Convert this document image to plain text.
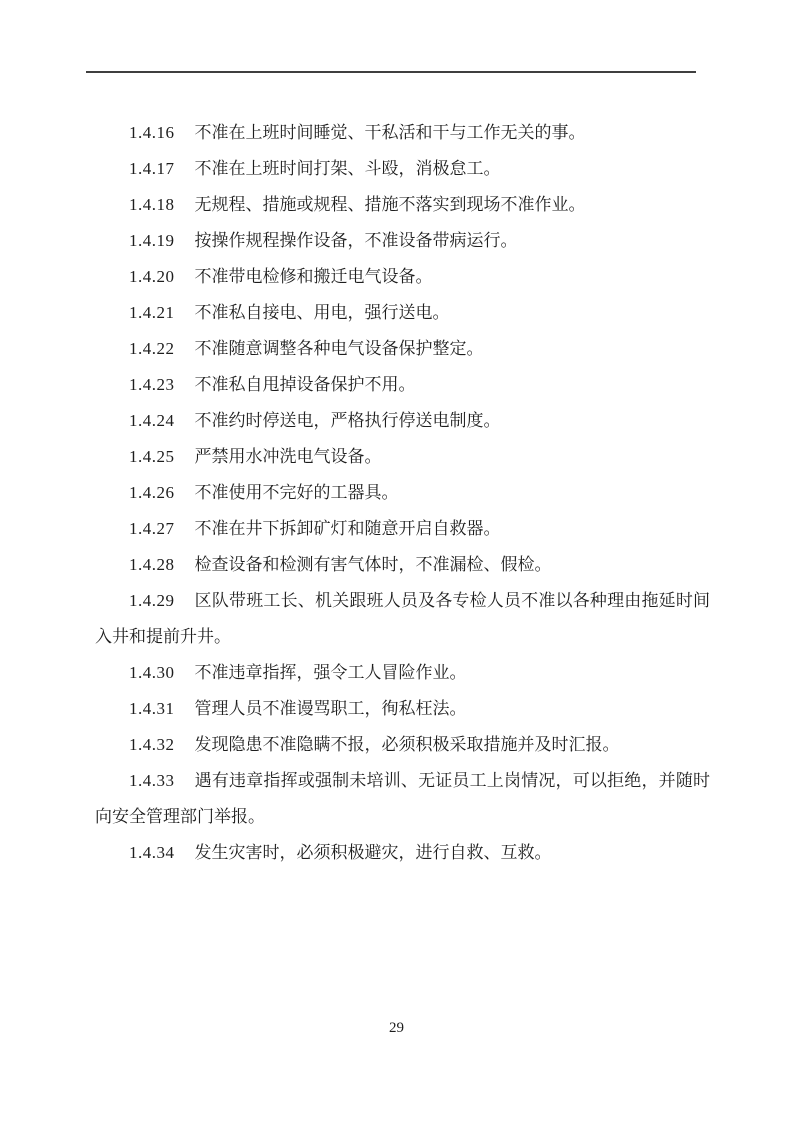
1.4.16 不准在上班时间睡觉、干私活和干与工作无关的事。

1.4.17 不准在上班时间打架、斗殴，消极怠工。

1.4.18 无规程、措施或规程、措施不落实到现场不准作业。

1.4.19 按操作规程操作设备，不准设备带病运行。

1.4.20 不准带电检修和搬迁电气设备。

1.4.21 不准私自接电、用电，强行送电。

1.4.22 不准随意调整各种电气设备保护整定。

1.4.23 不准私自甩掉设备保护不用。

1.4.24 不准约时停送电，严格执行停送电制度。

1.4.25 严禁用水冲洗电气设备。

1.4.26 不准使用不完好的工器具。

1.4.27 不准在井下拆卸矿灯和随意开启自救器。

1.4.28 检查设备和检测有害气体时，不准漏检、假检。

1.4.29 区队带班工长、机关跟班人员及各专检人员不准以各种理由拖延时间入井和提前升井。

1.4.30 不准违章指挥，强令工人冒险作业。

1.4.31 管理人员不准谩骂职工，徇私枉法。

1.4.32 发现隐患不准隐瞒不报，必须积极采取措施并及时汇报。

1.4.33 遇有违章指挥或强制未培训、无证员工上岗情况，可以拒绝，并随时向安全管理部门举报。

1.4.34 发生灾害时，必须积极避灾，进行自救、互救。

29
